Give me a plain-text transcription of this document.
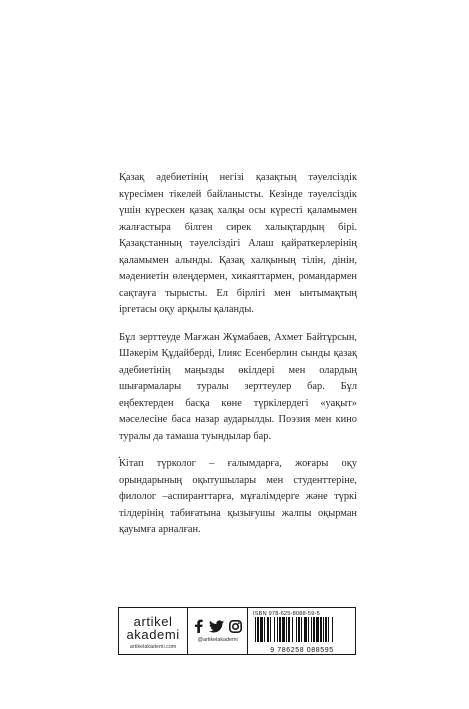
Қазақ әдебиетінің негізі қазақтың тәуелсіздік күресімен тікелей байланысты. Кезінде тәуелсіздік үшін күрескен қазақ халқы осы күресті қаламымен жалғастыра білген сирек халықтардың бірі. Қазақстанның тәуелсіздігі Алаш қайраткерлерінің қаламымен алынды. Қазақ халқының тілін, дінін, мәдениетін өлеңдермен, хикаяттармен, романдармен сақтауға тырысты. Ел бірлігі мен ынтымақтың іргетасы оқу арқылы қаланды.

Бұл зерттеуде Мағжан Жұмабаев, Ахмет Байтұрсын, Шәкерім Құдайберді, Ілияс Есенберлин сынды қазақ әдебиетінің маңызды өкілдері мен олардың шығармалары туралы зерттеулер бар. Бұл еңбектерден басқа көне түркілердегі «уақыт» мәселесіне баса назар аударылды. Поэзия мен кино туралы да тамаша туындылар бар.

Кітап түрколог – ғалымдарға, жоғары оқу орындарының оқытушылары мен студенттеріне, филолог –аспиранттарға, мұғалімдерге және түркі тілдерінің табиғатына қызығушы жалпы оқырман қауымға арналған.

.
artikel
akademi
artikelakademi.com
@artikelakademi
ISBN 978-625-8088-59-5
9 786258 088595
